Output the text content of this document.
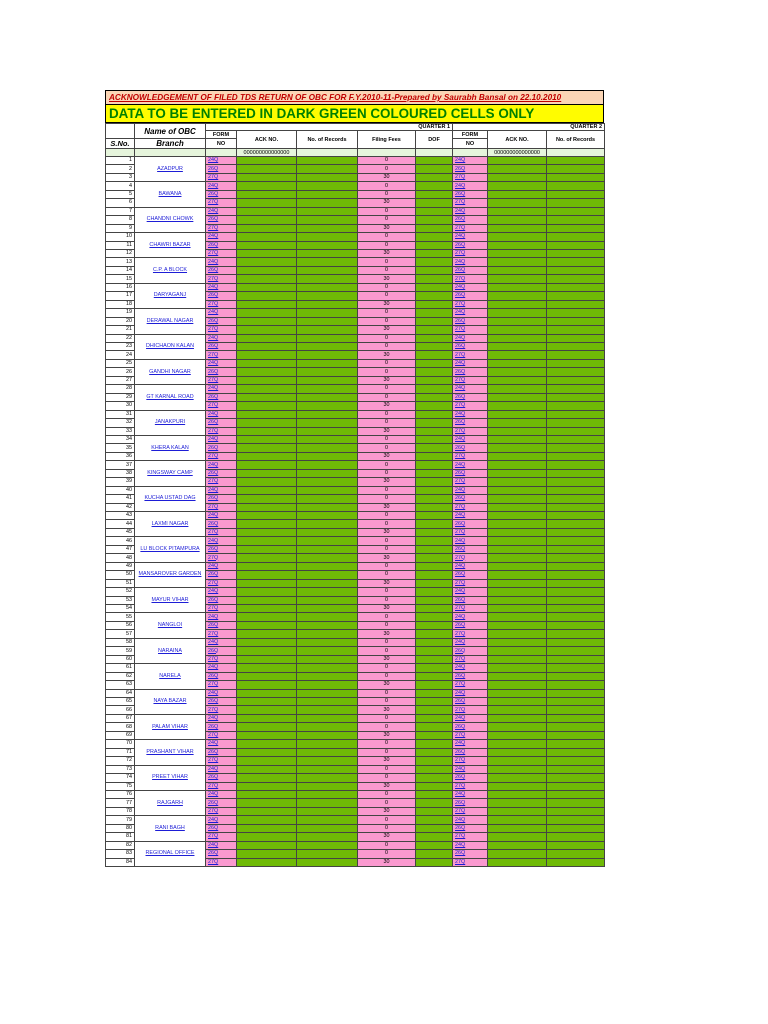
ACKNOWLEDGEMENT OF FILED TDS RETURN OF OBC FOR F.Y.2010-11-Prepared by Saurabh Bansal on 22.10.2010
DATA TO BE ENTERED IN DARK GREEN COLOURED CELLS ONLY
	Name of OBC	QUARTER 1					QUARTER 2		
		FORM	ACK NO.	No. of Records	Filing Fees	DOF	FORM	ACK NO.	No. of Records
S.No.	Branch	NO					NO		
			000000000000000					000000000000000	
1	AZADPUR	24Q			0		24Q		
2		26Q			0		26Q		
3		27Q			30		27Q		
4	BAWANA	24Q			0		24Q		
5		26Q			0		26Q		
6		27Q			30		27Q		
7	CHANDNI CHOWK	24Q			0		24Q		
8		26Q			0		26Q		
9		27Q			30		27Q		
10	CHAWRI BAZAR	24Q			0		24Q		
11		26Q			0		26Q		
12		27Q			30		27Q		
13	C.P. A BLOCK	24Q			0		24Q		
14		26Q			0		26Q		
15		27Q			30		27Q		
16	DARYAGANJ	24Q			0		24Q		
17		26Q			0		26Q		
18		27Q			30		27Q		
19	DERAWAL NAGAR	24Q			0		24Q		
20		26Q			0		26Q		
21		27Q			30		27Q		
22	DHICHAON KALAN	24Q			0		24Q		
23		26Q			0		26Q		
24		27Q			30		27Q		
25	GANDHI NAGAR	24Q			0		24Q		
26		26Q			0		26Q		
27		27Q			30		27Q		
28	GT KARNAL ROAD	24Q			0		24Q		
29		26Q			0		26Q		
30		27Q			30		27Q		
31	JANAKPURI	24Q			0		24Q		
32		26Q			0		26Q		
33		27Q			30		27Q		
34	KHERA KALAN	24Q			0		24Q		
35		26Q			0		26Q		
36		27Q			30		27Q		
37	KINGSWAY CAMP	24Q			0		24Q		
38		26Q			0		26Q		
39		27Q			30		27Q		
40	KUCHA USTAD DAG	24Q			0		24Q		
41		26Q			0		26Q		
42		27Q			30		27Q		
43	LAXMI NAGAR	24Q			0		24Q		
44		26Q			0		26Q		
45		27Q			30		27Q		
46	LU BLOCK PITAMPURA	24Q			0		24Q		
47		26Q			0		26Q		
48		27Q			30		27Q		
49	MANSAROVER GARDEN	24Q			0		24Q		
50		26Q			0		26Q		
51		27Q			30		27Q		
52	MAYUR VIHAR	24Q			0		24Q		
53		26Q			0		26Q		
54		27Q			30		27Q		
55	NANGLOI	24Q			0		24Q		
56		26Q			0		26Q		
57		27Q			30		27Q		
58	NARAINA	24Q			0		24Q		
59		26Q			0		26Q		
60		27Q			30		27Q		
61	NARELA	24Q			0		24Q		
62		26Q			0		26Q		
63		27Q			30		27Q		
64	NAYA BAZAR	24Q			0		24Q		
65		26Q			0		26Q		
66		27Q			30		27Q		
67	PALAM VIHAR	24Q			0		24Q		
68		26Q			0		26Q		
69		27Q			30		27Q		
70	PRASHANT VIHAR	24Q			0		24Q		
71		26Q			0		26Q		
72		27Q			30		27Q		
73	PREET VIHAR	24Q			0		24Q		
74		26Q			0		26Q		
75		27Q			30		27Q		
76	RAJGARH	24Q			0		24Q		
77		26Q			0		26Q		
78		27Q			30		27Q		
79	RANI BAGH	24Q			0		24Q		
80		26Q			0		26Q		
81		27Q			30		27Q		
82	REGIONAL OFFICE	24Q			0		24Q		
83		26Q			0		26Q		
84		27Q			30		27Q		
